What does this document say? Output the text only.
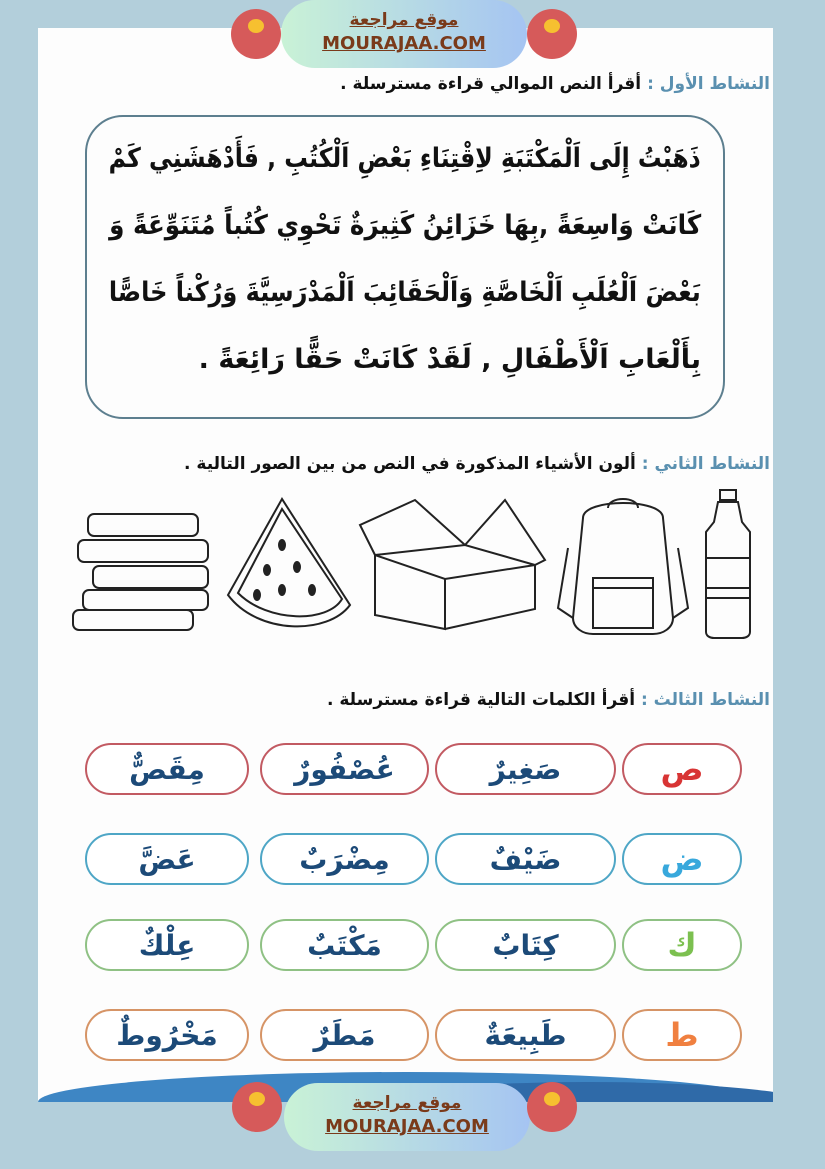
موقع مراجعة
MOURAJAA.COM
النشاط الأول : أقرأ النص الموالي قراءة مسترسلة .
ذَهَبْتُ إِلَى اَلْمَكْتَبَةِ لاِقْتِنَاءِ بَعْضِ اَلْكُتُبِ , فَأَدْهَشَنِي كَمْ
كَانَتْ وَاسِعَةً ,بِهَا خَزَائِنُ كَثِيرَةٌ تَحْوِي كُتُباً مُتَنَوِّعَةً وَ
بَعْضَ اَلْعُلَبِ اَلْخَاصَّةِ وَاَلْحَقَائِبَ اَلْمَدْرَسِيَّةَ وَرُكْناً خَاصًّا
بِأَلْعَابِ اَلْأَطْفَالِ , لَقَدْ كَانَتْ حَقًّا رَائِعَةً .
النشاط الثاني : ألون الأشياء المذكورة في النص من بين الصور التالية .
النشاط الثالث : أقرأ الكلمات التالية قراءة مسترسلة .
ص
صَغِيرٌ
عُصْفُورٌ
مِقَصٌّ
ض
ضَيْفٌ
مِضْرَبٌ
عَضَّ
ك
كِتَابٌ
مَكْتَبٌ
عِلْكٌ
ط
طَبِيعَةٌ
مَطَرٌ
مَخْرُوطٌ
موقع مراجعة
MOURAJAA.COM
